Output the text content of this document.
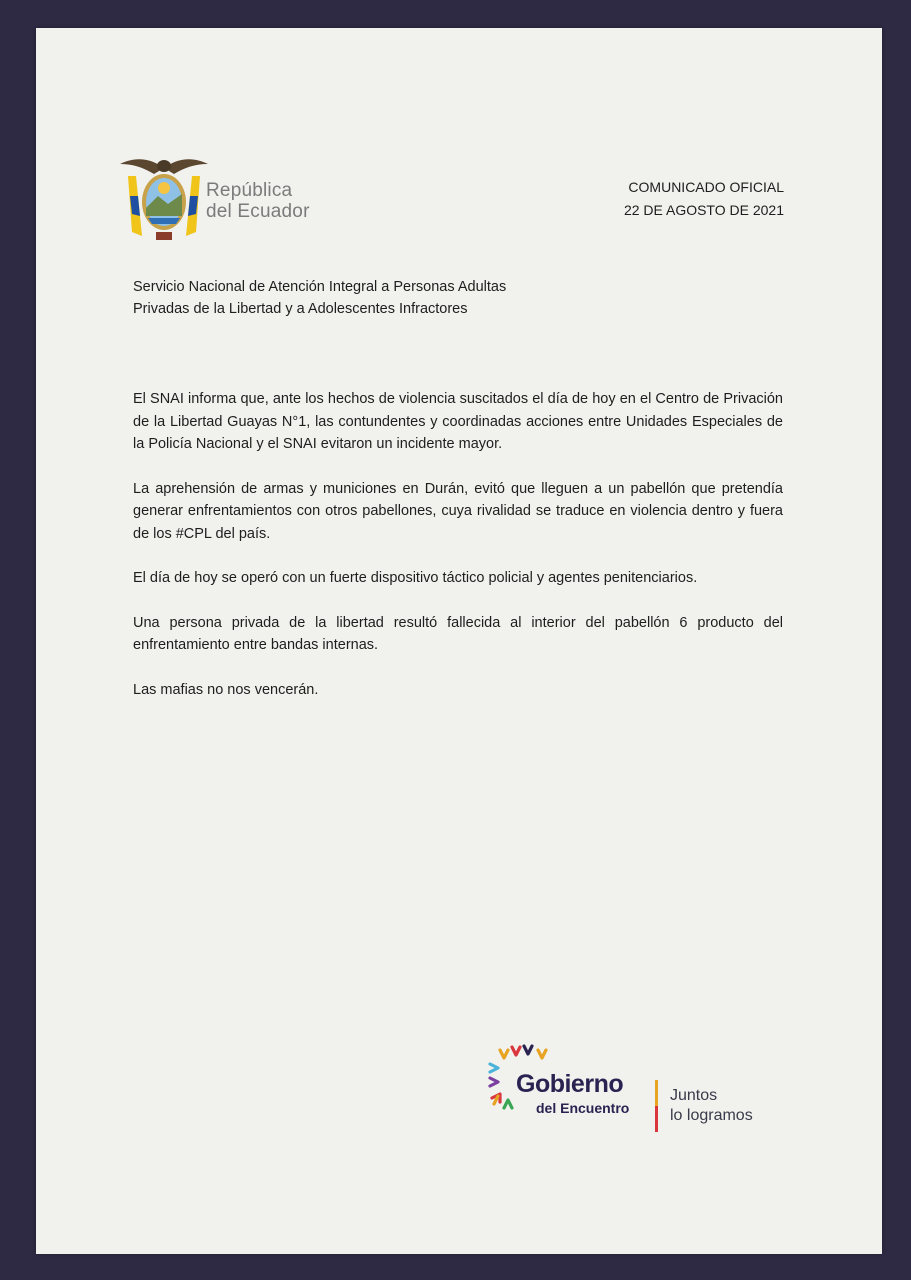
República
del Ecuador
COMUNICADO OFICIAL
22 DE AGOSTO DE 2021
Servicio Nacional de Atención Integral a Personas Adultas
Privadas de la Libertad y a Adolescentes Infractores

El SNAI informa que, ante los hechos de violencia suscitados el día de hoy en el Centro de Privación de la Libertad Guayas N°1, las contundentes y coordinadas acciones entre Unidades Especiales de la Policía Nacional y el SNAI evitaron un incidente mayor.

La aprehensión de armas y municiones en Durán, evitó que lleguen a un pabellón que pretendía generar enfrentamientos con otros pabellones, cuya rivalidad se traduce en violencia dentro y fuera de los #CPL del país.

El día de hoy se operó con un fuerte dispositivo táctico policial y agentes penitenciarios.

Una persona privada de la libertad resultó fallecida al interior del pabellón 6 producto del enfrentamiento entre bandas internas.

Las mafias no nos vencerán.

Gobierno
del Encuentro
Juntos
lo logramos
